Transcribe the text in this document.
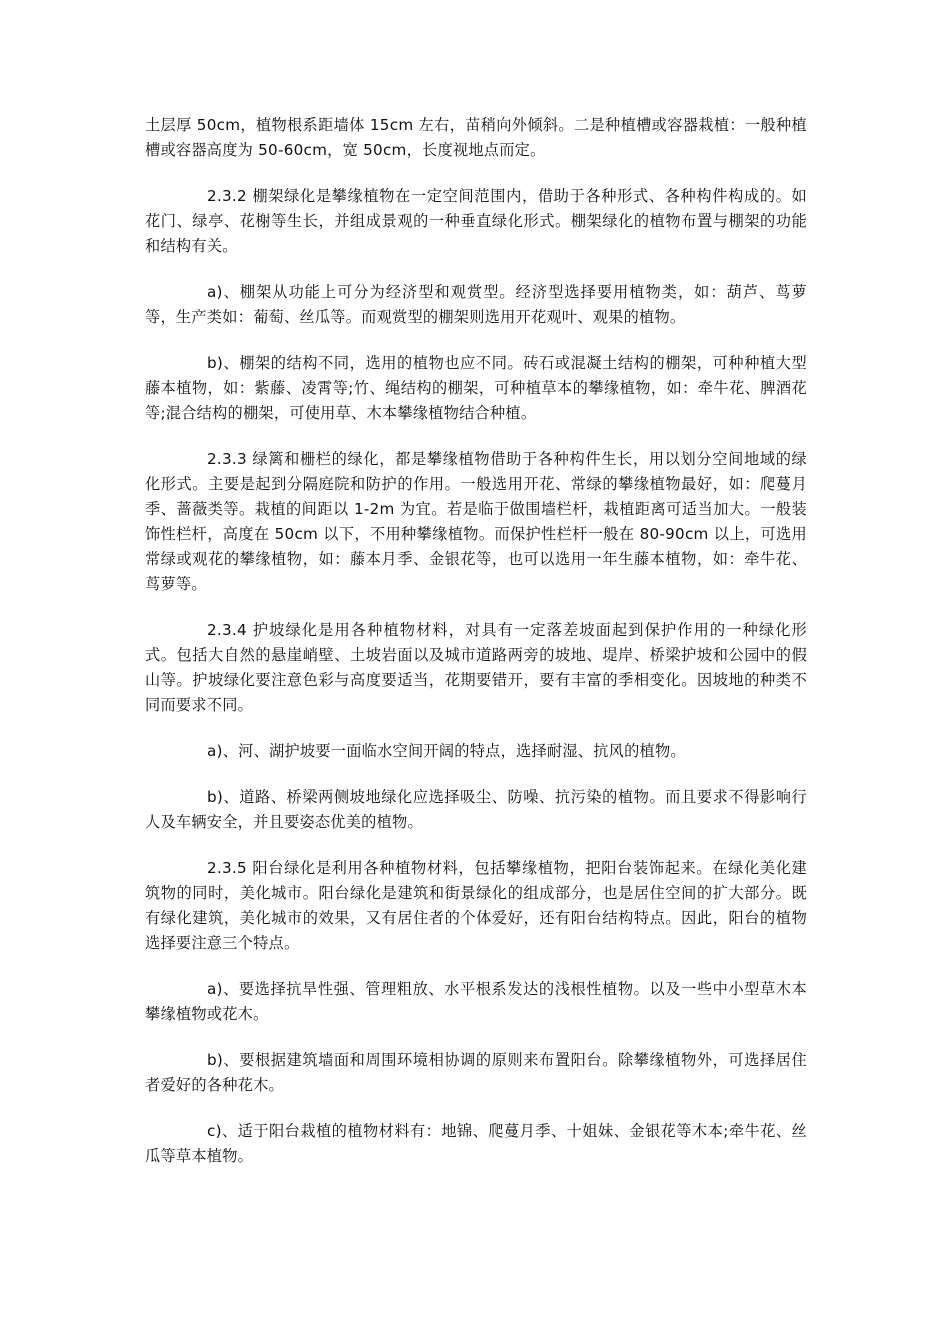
土层厚 50cm，植物根系距墙体 15cm 左右，苗稍向外倾斜。二是种植槽或容器栽植：一般种植槽或容器高度为 50-60cm，宽 50cm，长度视地点而定。

2.3.2 棚架绿化是攀缘植物在一定空间范围内，借助于各种形式、各种构件构成的。如花门、绿亭、花榭等生长，并组成景观的一种垂直绿化形式。棚架绿化的植物布置与棚架的功能和结构有关。

a)、棚架从功能上可分为经济型和观赏型。经济型选择要用植物类，如：葫芦、茑萝等，生产类如：葡萄、丝瓜等。而观赏型的棚架则选用开花观叶、观果的植物。

b)、棚架的结构不同，选用的植物也应不同。砖石或混凝土结构的棚架，可种种植大型藤本植物，如：紫藤、凌霄等;竹、绳结构的棚架，可种植草本的攀缘植物，如：牵牛花、脾酒花等;混合结构的棚架，可使用草、木本攀缘植物结合种植。

2.3.3 绿篱和栅栏的绿化，都是攀缘植物借助于各种构件生长，用以划分空间地域的绿化形式。主要是起到分隔庭院和防护的作用。一般选用开花、常绿的攀缘植物最好，如：爬蔓月季、蔷薇类等。栽植的间距以 1-2m 为宜。若是临于做围墙栏杆，栽植距离可适当加大。一般装饰性栏杆，高度在 50cm 以下，不用种攀缘植物。而保护性栏杆一般在 80-90cm 以上，可选用常绿或观花的攀缘植物，如：藤本月季、金银花等，也可以选用一年生藤本植物，如：牵牛花、茑萝等。

2.3.4 护坡绿化是用各种植物材料，对具有一定落差坡面起到保护作用的一种绿化形式。包括大自然的悬崖峭壁、土坡岩面以及城市道路两旁的坡地、堤岸、桥梁护坡和公园中的假山等。护坡绿化要注意色彩与高度要适当，花期要错开，要有丰富的季相变化。因坡地的种类不同而要求不同。

a)、河、湖护坡要一面临水空间开阔的特点，选择耐湿、抗风的植物。

b)、道路、桥梁两侧坡地绿化应选择吸尘、防噪、抗污染的植物。而且要求不得影响行人及车辆安全，并且要姿态优美的植物。

2.3.5 阳台绿化是利用各种植物材料，包括攀缘植物，把阳台装饰起来。在绿化美化建筑物的同时，美化城市。阳台绿化是建筑和街景绿化的组成部分，也是居住空间的扩大部分。既有绿化建筑，美化城市的效果，又有居住者的个体爱好，还有阳台结构特点。因此，阳台的植物选择要注意三个特点。

a)、要选择抗旱性强、管理粗放、水平根系发达的浅根性植物。以及一些中小型草木本攀缘植物或花木。

b)、要根据建筑墙面和周围环境相协调的原则来布置阳台。除攀缘植物外，可选择居住者爱好的各种花木。

c)、适于阳台栽植的植物材料有：地锦、爬蔓月季、十姐妹、金银花等木本;牵牛花、丝瓜等草本植物。
